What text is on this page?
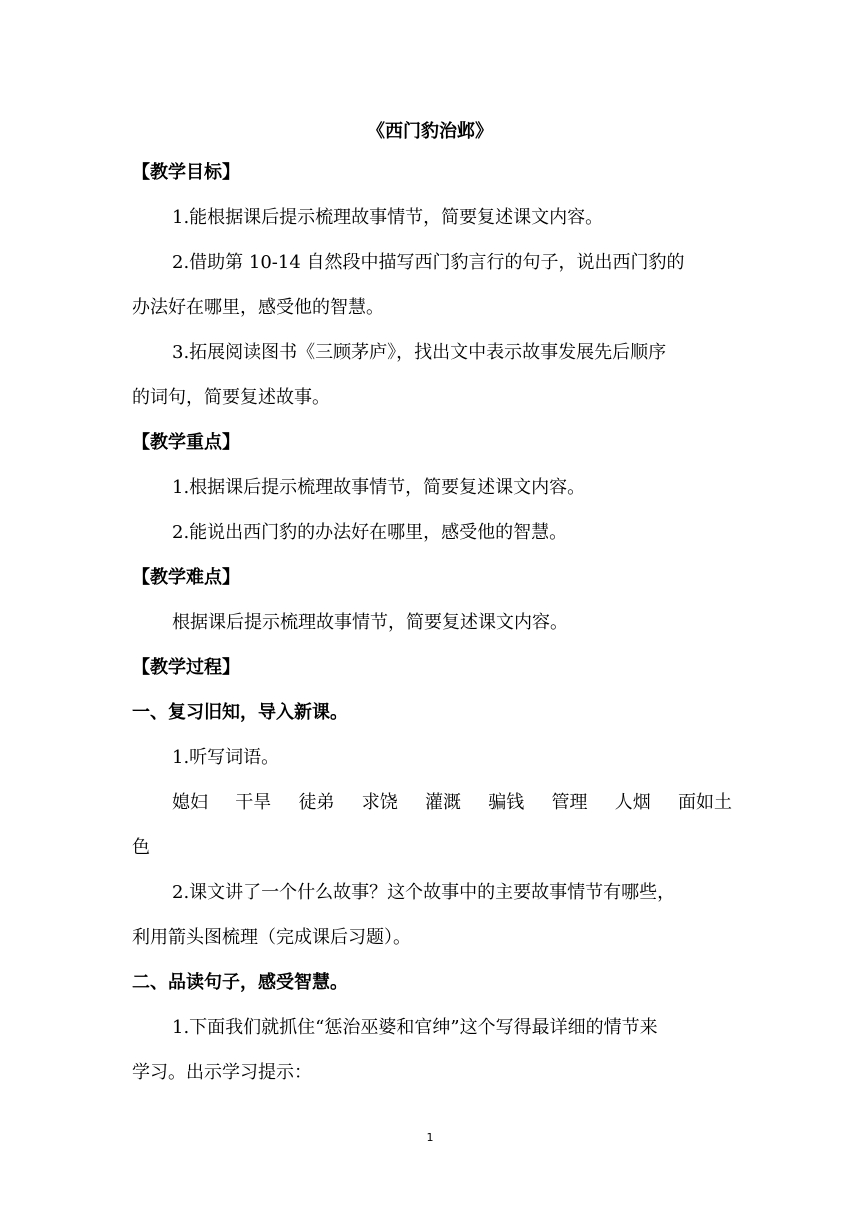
《西门豹治邺》
【教学目标】
1.能根据课后提示梳理故事情节，简要复述课文内容。
2.借助第 10-14 自然段中描写西门豹言行的句子，说出西门豹的
办法好在哪里，感受他的智慧。
3.拓展阅读图书《三顾茅庐》，找出文中表示故事发展先后顺序
的词句，简要复述故事。
【教学重点】
1.根据课后提示梳理故事情节，简要复述课文内容。
2.能说出西门豹的办法好在哪里，感受他的智慧。
【教学难点】
根据课后提示梳理故事情节，简要复述课文内容。
【教学过程】
一、复习旧知，导入新课。
1.听写词语。
媳妇 干旱 徒弟 求饶 灌溉 骗钱 管理 人烟 面如土
色
2.课文讲了一个什么故事？这个故事中的主要故事情节有哪些，
利用箭头图梳理（完成课后习题）。
二、品读句子，感受智慧。
1.下面我们就抓住“惩治巫婆和官绅”这个写得最详细的情节来
学习。出示学习提示：
1
